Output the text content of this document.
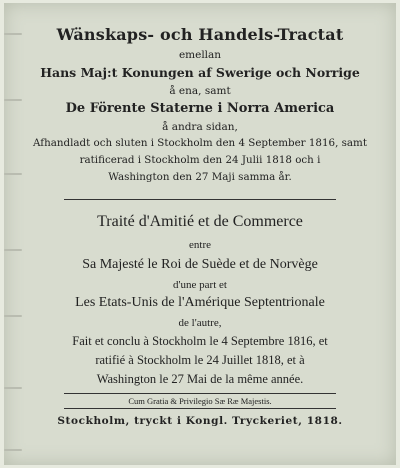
Wänskaps- och Handels-Tractat
emellan
Hans Maj:t Konungen af Swerige och Norrige
å ena, samt
De Förente Staterne i Norra America
å andra sidan,
Afhandladt och sluten i Stockholm den 4 September 1816, samt
ratificerad i Stockholm den 24 Julii 1818 och i
Washington den 27 Maji samma år.
Traité d'Amitié et de Commerce
entre
Sa Majesté le Roi de Suède et de Norvège
d'une part et
Les Etats-Unis de l'Amérique Septentrionale
de l'autre,
Fait et conclu à Stockholm le 4 Septembre 1816, et
ratifié à Stockholm le 24 Juillet 1818, et à
Washington le 27 Mai de la même année.
Cum Gratia & Privilegio Sæ Ræ Majestis.
Stockholm, tryckt i Kongl. Tryckeriet, 1818.
